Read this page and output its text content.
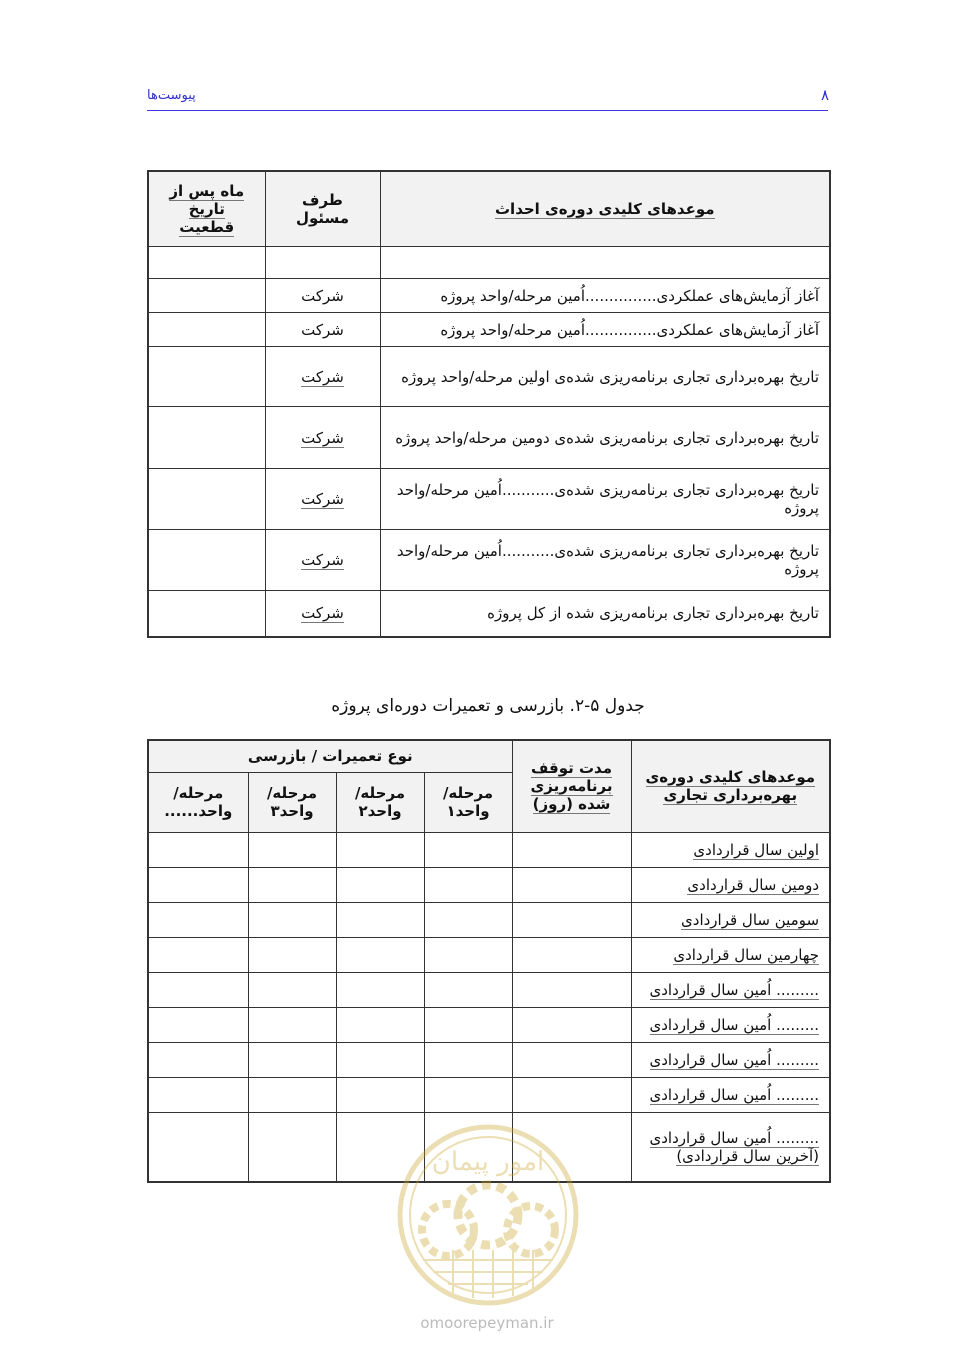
۸
پیوست‌ها
موعدهای کلیدی دوره‌ی احداث	طرف مسئول	ماه پس از تاریخ قطعیت

آغاز آزمایش‌های عملکردی...............اُمین مرحله/واحد پروژه	شرکت	
آغاز آزمایش‌های عملکردی...............اُمین مرحله/واحد پروژه	شرکت	
تاریخ بهره‌برداری تجاری برنامه‌ریزی شده‌ی اولین مرحله/واحد پروژه	شرکت	
تاریخ بهره‌برداری تجاری برنامه‌ریزی شده‌ی دومین مرحله/واحد پروژه	شرکت	
تاریخ بهره‌برداری تجاری برنامه‌ریزی شده‌ی...........اُمین مرحله/واحد پروژه	شرکت	
تاریخ بهره‌برداری تجاری برنامه‌ریزی شده‌ی...........اُمین مرحله/واحد پروژه	شرکت	
تاریخ بهره‌برداری تجاری برنامه‌ریزی شده از کل پروژه	شرکت	
جدول ۵-۲. بازرسی و تعمیرات دوره‌ای پروژه
موعدهای کلیدی دوره‌ی بهره‌برداری تجاری	مدت توقف برنامه‌ریزی شده (روز)	نوع تعمیرات / بازرسی			
		مرحله/ واحد۱	مرحله/ واحد۲	مرحله/ واحد۳	مرحله/ واحد......
اولین سال قراردادی					
دومین سال قراردادی					
سومین سال قراردادی					
چهارمین سال قراردادی					
......... اُمین سال قراردادی					
......... اُمین سال قراردادی					
......... اُمین سال قراردادی					
......... اُمین سال قراردادی					
......... اُمین سال قراردادی (آخرین سال قراردادی)					
امور پیمان
omoorepeyman.ir
